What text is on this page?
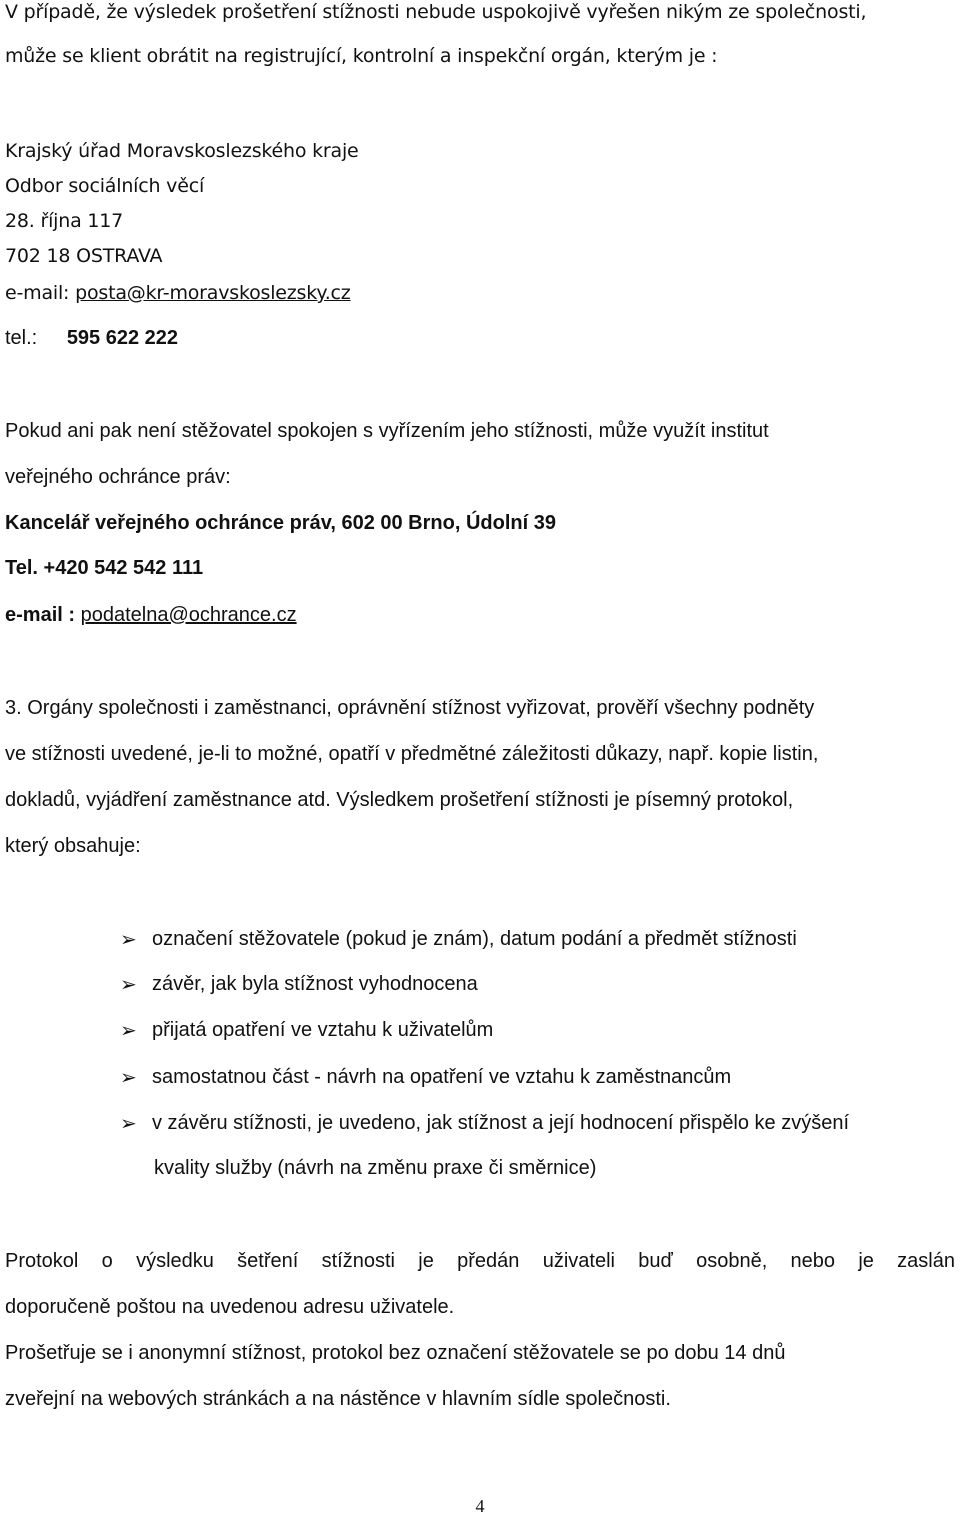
V případě, že výsledek prošetření stížnosti nebude uspokojivě vyřešen nikým ze společnosti,
může se klient obrátit na registrující, kontrolní a inspekční orgán, kterým je :
Krajský úřad Moravskoslezského kraje
Odbor sociálních věcí
28. října 117
702 18 OSTRAVA
e-mail: posta@kr-moravskoslezsky.cz
tel.: 595 622 222
Pokud ani pak není stěžovatel spokojen s vyřízením jeho stížnosti, může využít institut
veřejného ochránce práv:
Kancelář veřejného ochránce práv, 602 00 Brno, Údolní 39
Tel. +420 542 542 111
e-mail : podatelna@ochrance.cz
3. Orgány společnosti i zaměstnanci, oprávnění stížnost vyřizovat, prověří všechny podněty
ve stížnosti uvedené, je-li to možné, opatří v předmětné záležitosti důkazy, např. kopie listin,
dokladů, vyjádření zaměstnance atd. Výsledkem prošetření stížnosti je písemný protokol,
který obsahuje:
➢ označení stěžovatele (pokud je znám), datum podání a předmět stížnosti
➢ závěr, jak byla stížnost vyhodnocena
➢ přijatá opatření ve vztahu k uživatelům
➢ samostatnou část - návrh na opatření ve vztahu k zaměstnancům
➢ v závěru stížnosti, je uvedeno, jak stížnost a její hodnocení přispělo ke zvýšení
kvality služby (návrh na změnu praxe či směrnice)
Protokol o výsledku šetření stížnosti je předán uživateli buď osobně, nebo je zaslán
doporučeně poštou na uvedenou adresu uživatele.
Prošetřuje se i anonymní stížnost, protokol bez označení stěžovatele se po dobu 14 dnů
zveřejní na webových stránkách a na nástěnce v hlavním sídle společnosti.
4
